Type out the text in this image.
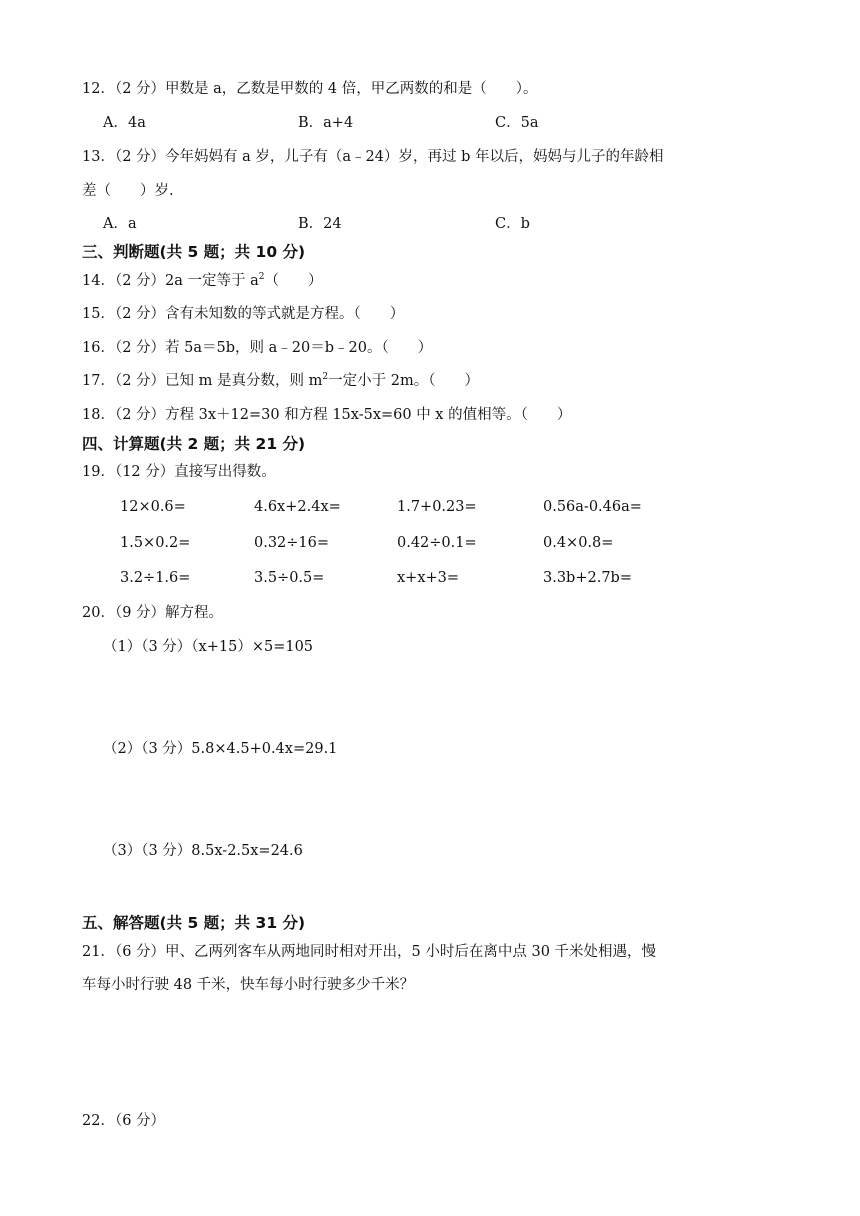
12．（2 分）甲数是 a，乙数是甲数的 4 倍，甲乙两数的和是（　　）。
A．4a	B．a+4	C．5a
13．（2 分）今年妈妈有 a 岁，儿子有（a﹣24）岁，再过 b 年以后，妈妈与儿子的年龄相
差（　　）岁.
A．a	B．24	C．b
三、判断题(共 5 题；共 10 分)
14．（2 分）2a 一定等于 $a^2$（　　）
15．（2 分）含有未知数的等式就是方程。（　　）
16．（2 分）若 5a＝5b，则 a﹣20＝b﹣20。（　　）
17．（2 分）已知 m 是真分数，则 $m^2$一定小于 2m。（　　）
18．（2 分）方程 3x＋12=30 和方程 15x-5x=60 中 x 的值相等。（　　）
四、计算题(共 2 题；共 21 分)
19．（12 分）直接写出得数。
12×0.6=	4.6x+2.4x=	1.7+0.23=	0.56a-0.46a=
1.5×0.2=	0.32÷16=	0.42÷0.1=	0.4×0.8=
3.2÷1.6=	3.5÷0.5=	x+x+3=	3.3b+2.7b=
20．（9 分）解方程。
（1）（3 分）（x+15）×5=105
（2）（3 分）5.8×4.5+0.4x=29.1
（3）（3 分）8.5x-2.5x=24.6
五、解答题(共 5 题；共 31 分)
21．（6 分）甲、乙两列客车从两地同时相对开出，5 小时后在离中点 30 千米处相遇，慢
车每小时行驶 48 千米，快车每小时行驶多少千米？
22．（6 分）
